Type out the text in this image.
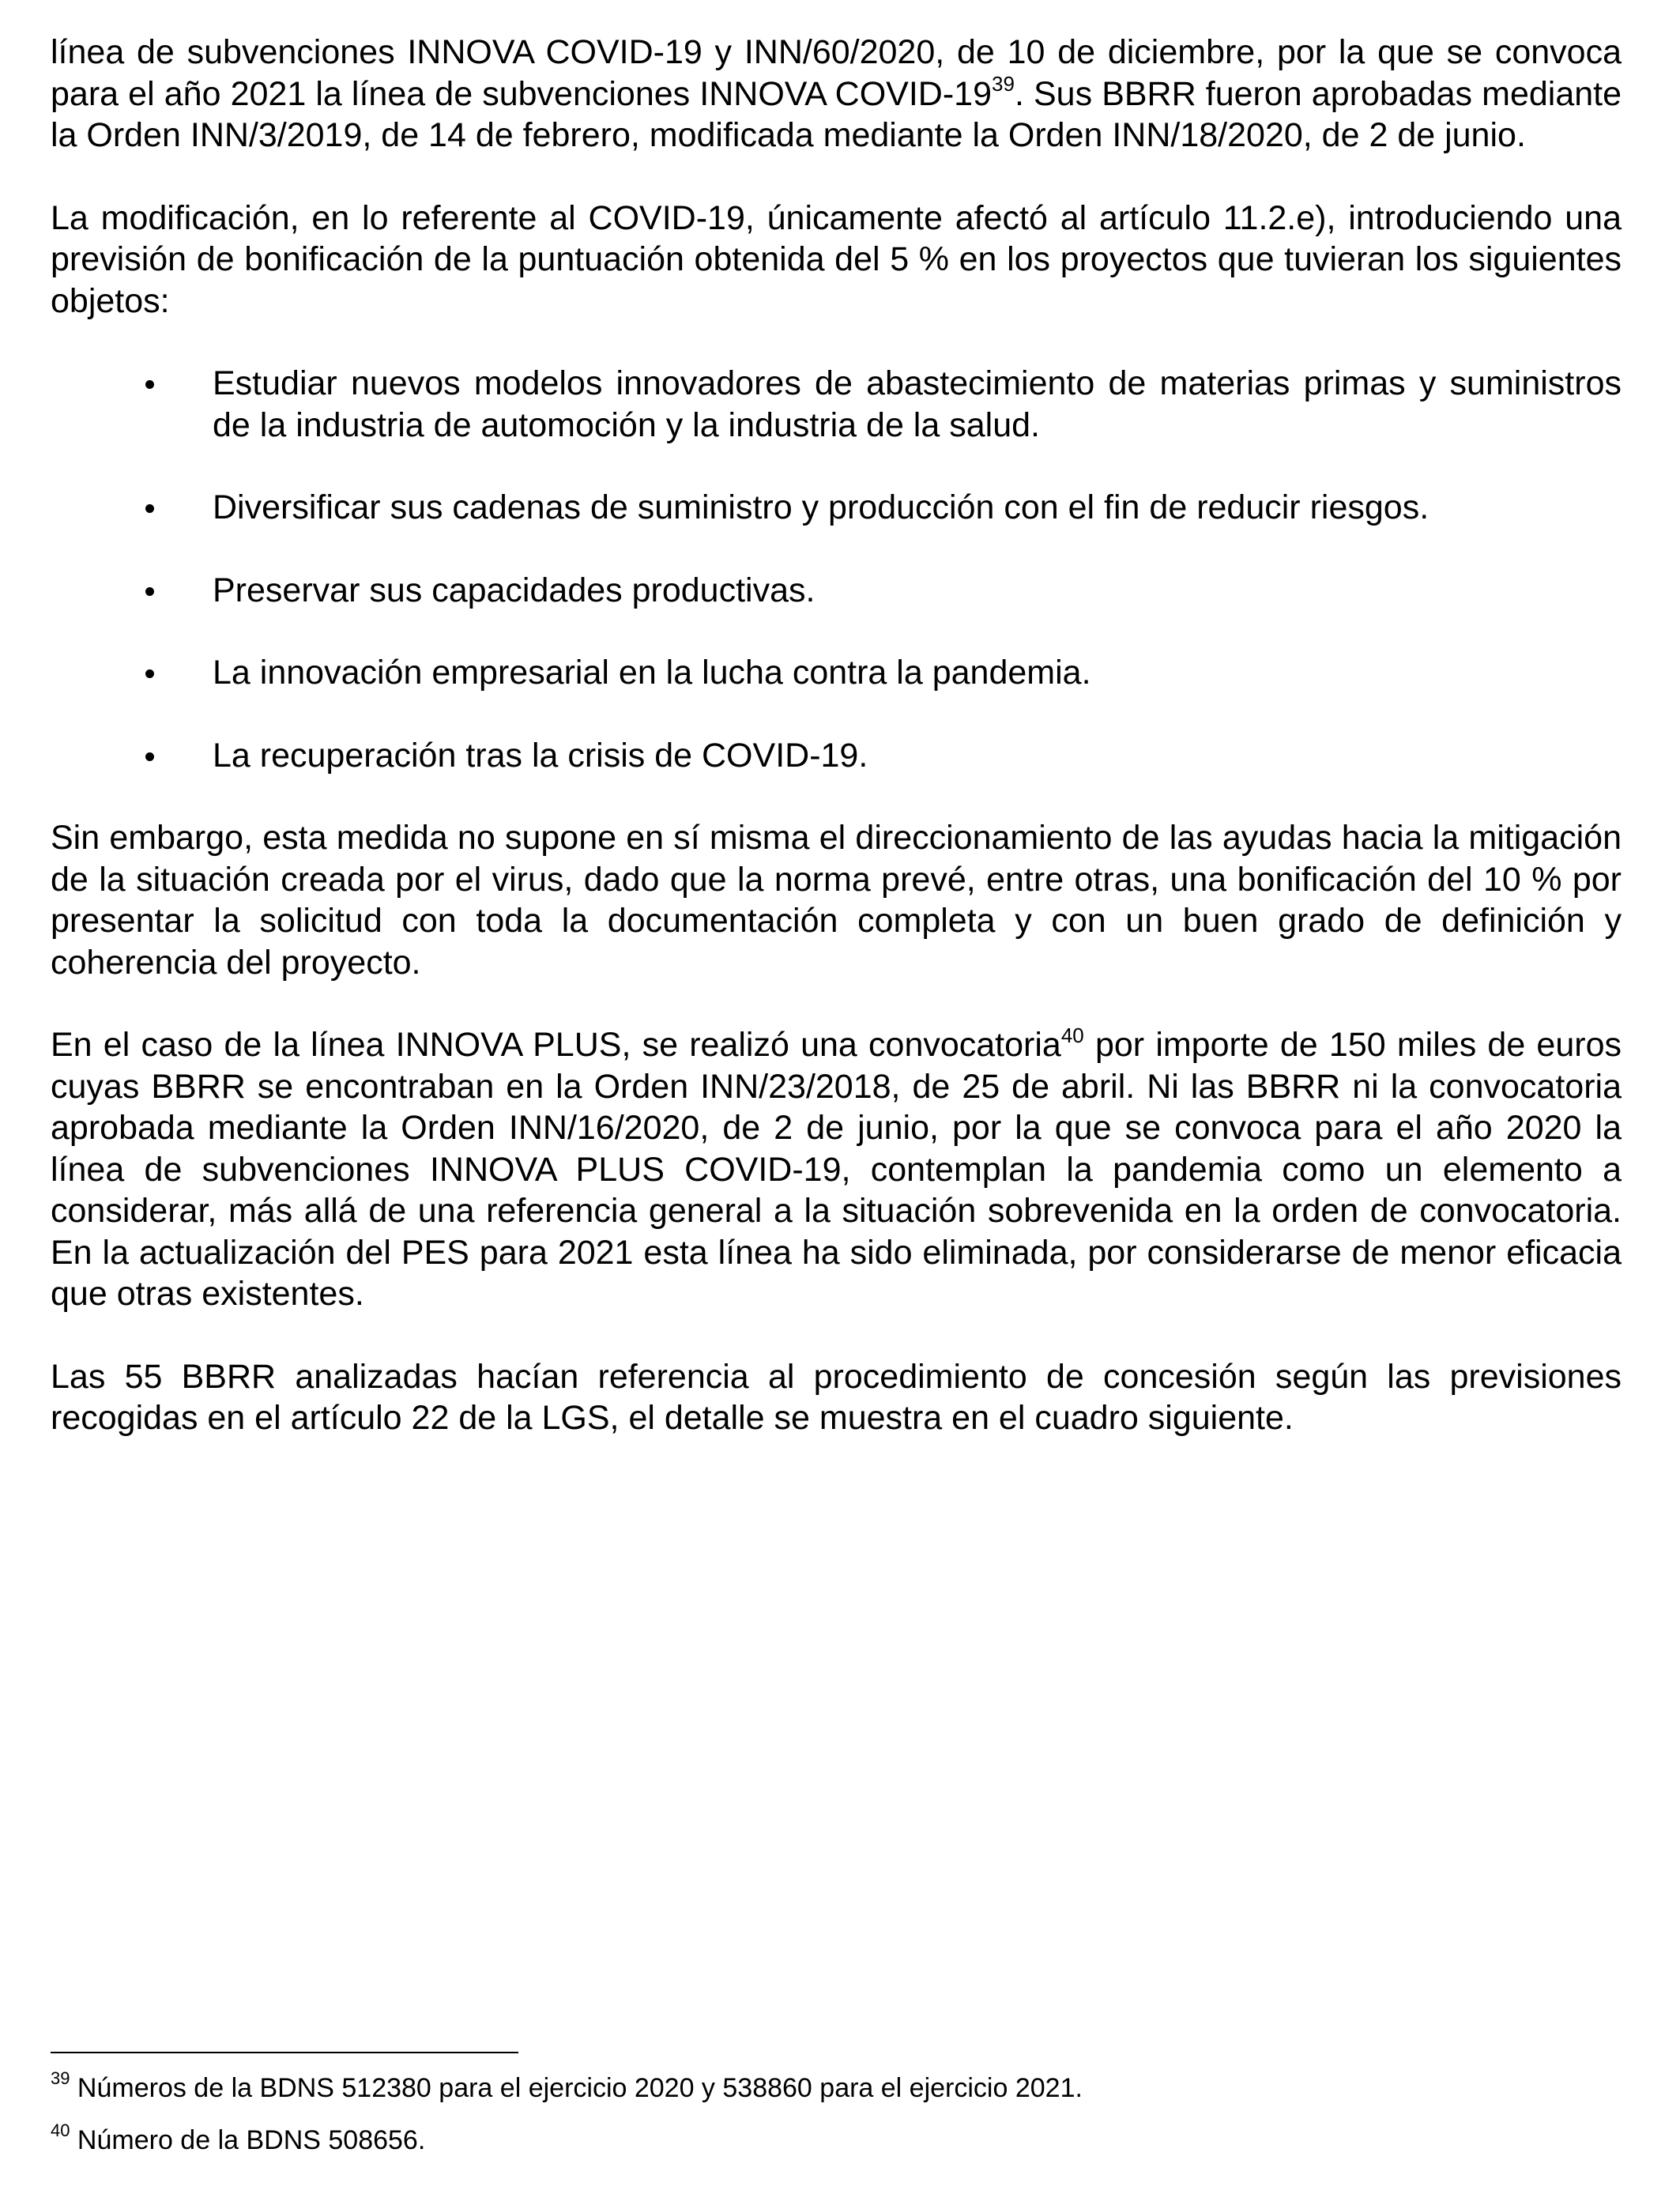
línea de subvenciones INNOVA COVID-19 y INN/60/2020, de 10 de diciembre, por la que se convoca para el año 2021 la línea de subvenciones INNOVA COVID-$19^{39}$. Sus BBRR fueron aprobadas mediante la Orden INN/3/2019, de 14 de febrero, modificada mediante la Orden INN/18/2020, de 2 de junio.

La modificación, en lo referente al COVID-19, únicamente afectó al artículo 11.2.e), introduciendo una previsión de bonificación de la puntuación obtenida del 5 % en los proyectos que tuvieran los siguientes objetos:

Estudiar nuevos modelos innovadores de abastecimiento de materias primas y suministros de la industria de automoción y la industria de la salud.
Diversificar sus cadenas de suministro y producción con el fin de reducir riesgos.
Preservar sus capacidades productivas.
La innovación empresarial en la lucha contra la pandemia.
La recuperación tras la crisis de COVID-19.

Sin embargo, esta medida no supone en sí misma el direccionamiento de las ayudas hacia la mitigación de la situación creada por el virus, dado que la norma prevé, entre otras, una bonificación del 10 % por presentar la solicitud con toda la documentación completa y con un buen grado de definición y coherencia del proyecto.

En el caso de la línea INNOVA PLUS, se realizó una convocatoria$^{40}$ por importe de 150 miles de euros cuyas BBRR se encontraban en la Orden INN/23/2018, de 25 de abril. Ni las BBRR ni la convocatoria aprobada mediante la Orden INN/16/2020, de 2 de junio, por la que se convoca para el año 2020 la línea de subvenciones INNOVA PLUS COVID-19, contemplan la pandemia como un elemento a considerar, más allá de una referencia general a la situación sobrevenida en la orden de convocatoria. En la actualización del PES para 2021 esta línea ha sido eliminada, por considerarse de menor eficacia que otras existentes.

Las 55 BBRR analizadas hacían referencia al procedimiento de concesión según las previsiones recogidas en el artículo 22 de la LGS, el detalle se muestra en el cuadro siguiente.

$^{39}$ Números de la BDNS 512380 para el ejercicio 2020 y 538860 para el ejercicio 2021.

$^{40}$ Número de la BDNS 508656.
